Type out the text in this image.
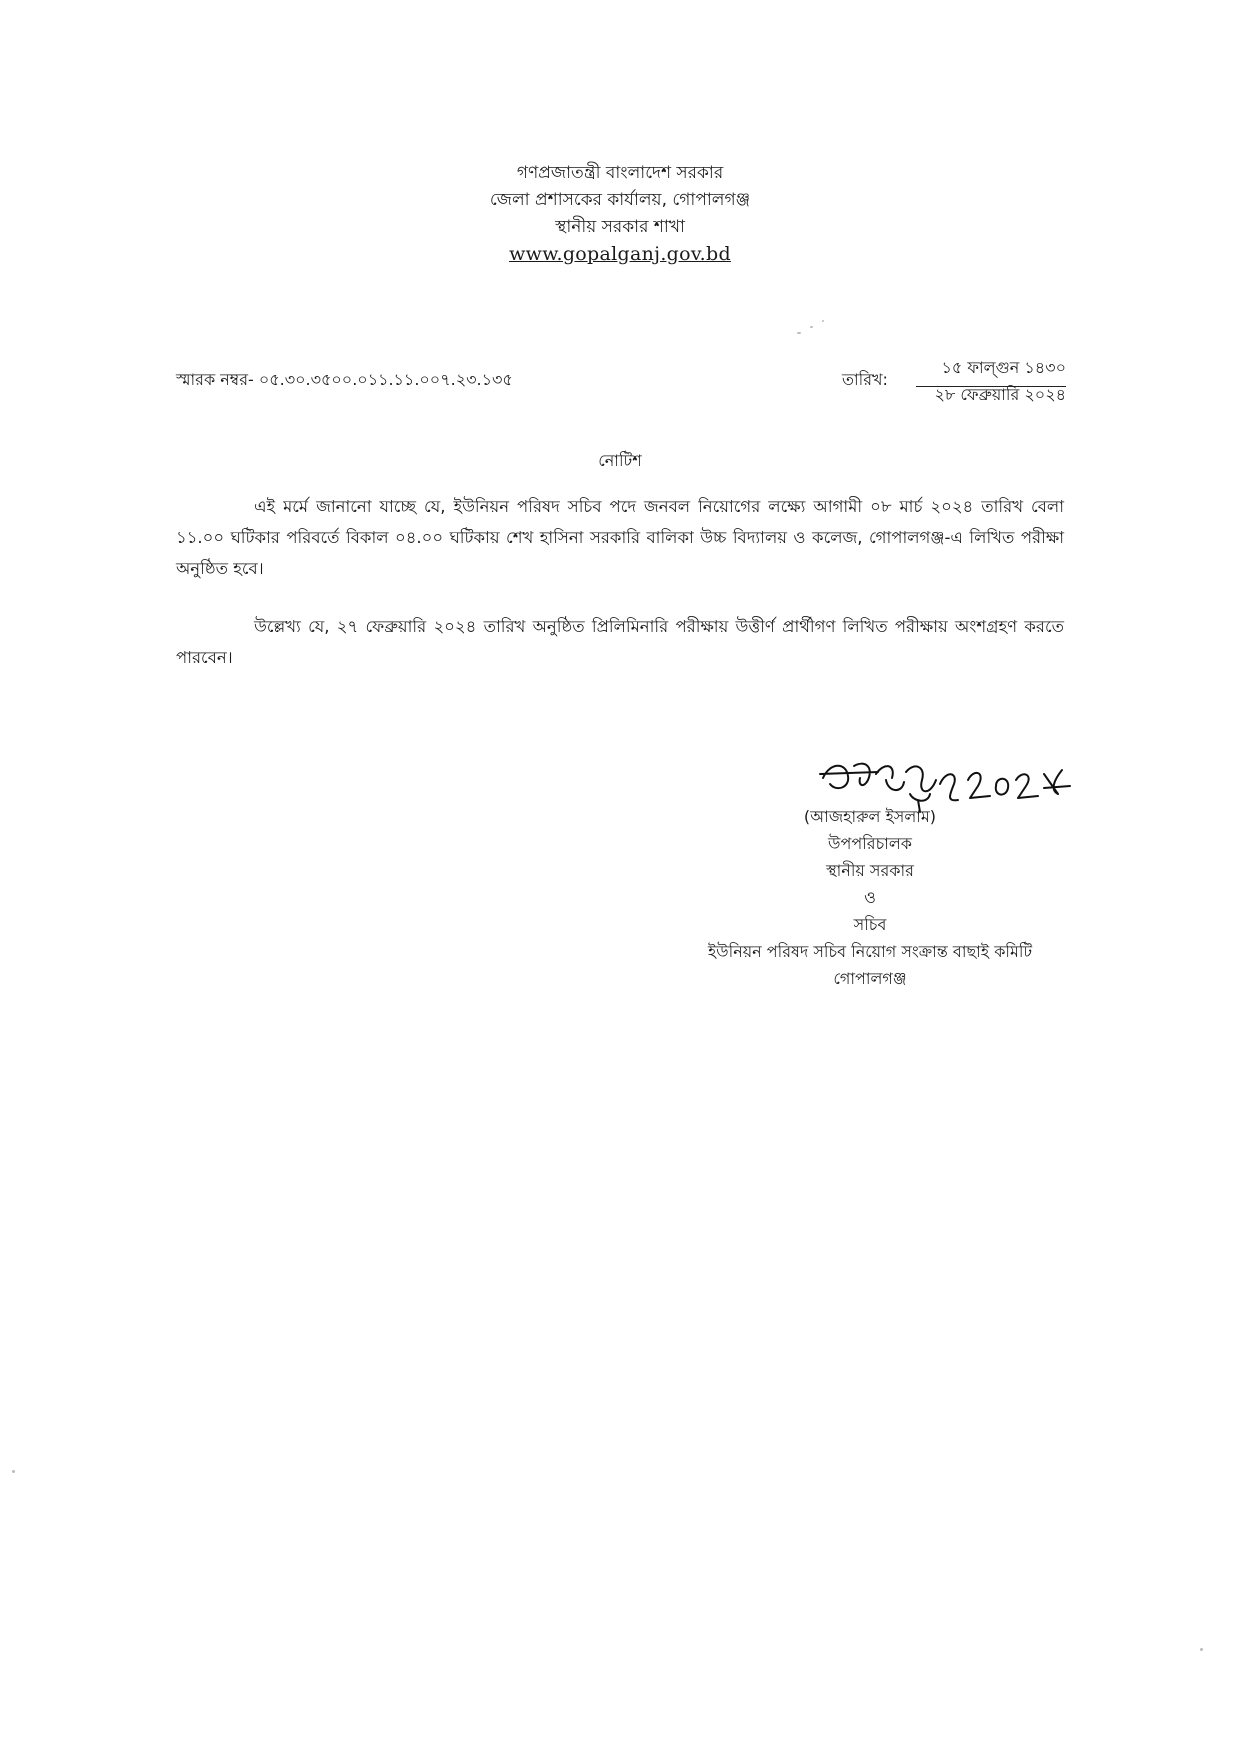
গণপ্রজাতন্ত্রী বাংলাদেশ সরকার
জেলা প্রশাসকের কার্যালয়, গোপালগঞ্জ
স্থানীয় সরকার শাখা
www.gopalganj.gov.bd
স্মারক নম্বর- ০৫.৩০.৩৫০০.০১১.১১.০০৭.২৩.১৩৫	তারিখ:
১৫ ফাল্গুন ১৪৩০
২৮ ফেব্রুয়ারি ২০২৪
নোটিশ
এই মর্মে জানানো যাচ্ছে যে, ইউনিয়ন পরিষদ সচিব পদে জনবল নিয়োগের লক্ষ্যে আগামী ০৮ মার্চ ২০২৪ তারিখ বেলা ১১.০০ ঘটিকার পরিবর্তে বিকাল ০৪.০০ ঘটিকায় শেখ হাসিনা সরকারি বালিকা উচ্চ বিদ্যালয় ও কলেজ, গোপালগঞ্জ-এ লিখিত পরীক্ষা অনুষ্ঠিত হবে।
উল্লেখ্য যে, ২৭ ফেব্রুয়ারি ২০২৪ তারিখ অনুষ্ঠিত প্রিলিমিনারি পরীক্ষায় উত্তীর্ণ প্রার্থীগণ লিখিত পরীক্ষায় অংশগ্রহণ করতে পারবেন।
(আজহারুল ইসলাম)
উপপরিচালক
স্থানীয় সরকার
ও
সচিব
ইউনিয়ন পরিষদ সচিব নিয়োগ সংক্রান্ত বাছাই কমিটি
গোপালগঞ্জ
